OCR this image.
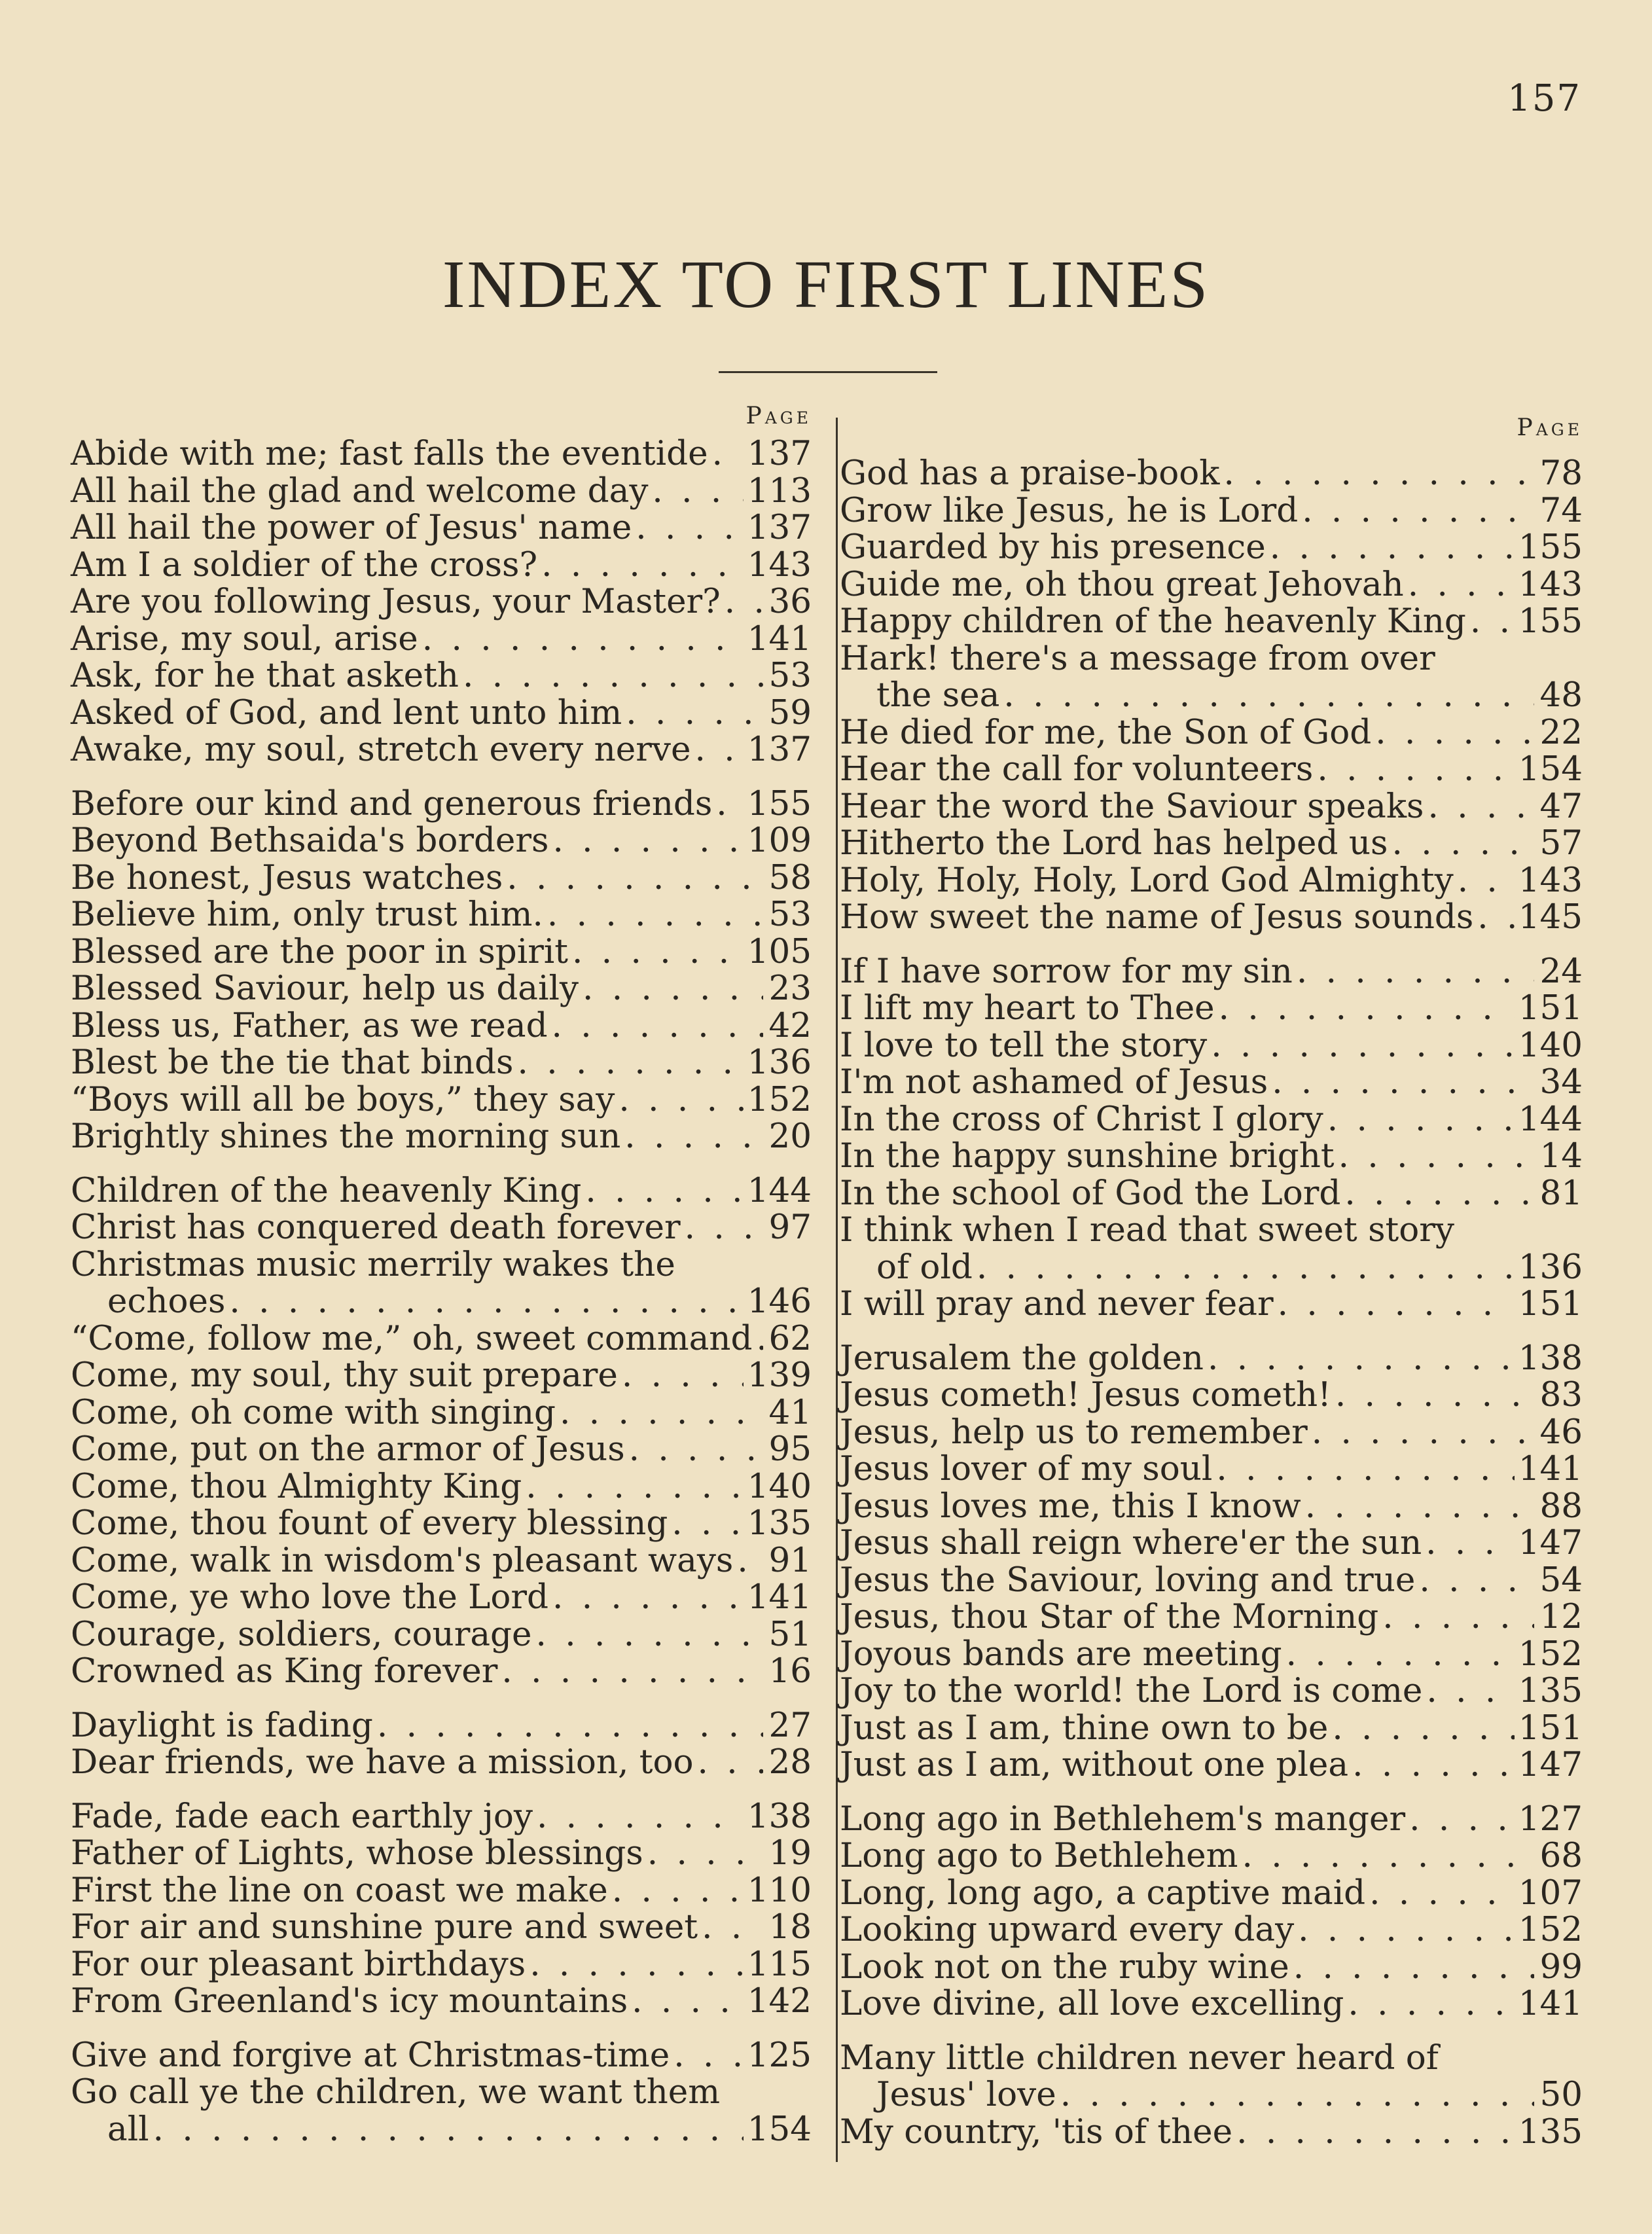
157
INDEX TO FIRST LINES
Page
Abide with me; fast falls the eventide . . . 137
All hail the glad and welcome day . . .	113
All hail the power of Jesus' name . . .	137
Am I a soldier of the cross? . . .	143
Are you following Jesus, your Master? . . . 36
Arise, my soul, arise . . .	141
Ask, for he that asketh . . .	53
Asked of God, and lent unto him . . .	59
Awake, my soul, stretch every nerve . . . 137
Before our kind and generous friends . . . 155
Beyond Bethsaida's borders . . .	109
Be honest, Jesus watches . . .	58
Believe him, only trust him. . . .	53
Blessed are the poor in spirit . . .	105
Blessed Saviour, help us daily . . .	23
Bless us, Father, as we read . . .	42
Blest be the tie that binds . . .	136
“Boys will all be boys,” they say . . .	152
Brightly shines the morning sun . . .	20
Children of the heavenly King . . .	144
Christ has conquered death forever . . .	97
Christmas music merrily wakes the
echoes . . .	146
“Come, follow me,” oh, sweet command . . . 62
Come, my soul, thy suit prepare . . .	139
Come, oh come with singing . . .	41
Come, put on the armor of Jesus . . .	95
Come, thou Almighty King . . .	140
Come, thou fount of every blessing . . . 135
Come, walk in wisdom's pleasant ways . . . 91
Come, ye who love the Lord . . .	141
Courage, soldiers, courage . . .	51
Crowned as King forever . . .	16
Daylight is fading . . .	27
Dear friends, we have a mission, too . . . 28
Fade, fade each earthly joy . . .	138
Father of Lights, whose blessings . . .	19
First the line on coast we make . . .	110
For air and sunshine pure and sweet . . . 18
For our pleasant birthdays . . .	115
From Greenland's icy mountains . . .	142
Give and forgive at Christmas-time . . . 125
Go call ye the children, we want them
all . . .	154
Page
God has a praise-book . . .	78
Grow like Jesus, he is Lord . . .	74
Guarded by his presence . . .	155
Guide me, oh thou great Jehovah . . .	143
Happy children of the heavenly King . . . 155
Hark! there's a message from over
the sea . . .	48
He died for me, the Son of God . . .	22
Hear the call for volunteers . . .	154
Hear the word the Saviour speaks . . .	47
Hitherto the Lord has helped us . . .	57
Holy, Holy, Holy, Lord God Almighty . . . 143
How sweet the name of Jesus sounds . . . 145
If I have sorrow for my sin . . .	24
I lift my heart to Thee . . .	151
I love to tell the story . . .	140
I'm not ashamed of Jesus . . .	34
In the cross of Christ I glory . . .	144
In the happy sunshine bright . . .	14
In the school of God the Lord . . .	81
I think when I read that sweet story
of old . . .	136
I will pray and never fear . . .	151
Jerusalem the golden . . .	138
Jesus cometh! Jesus cometh! . . .	83
Jesus, help us to remember . . .	46
Jesus lover of my soul . . .	141
Jesus loves me, this I know . . .	88
Jesus shall reign where'er the sun . . .	147
Jesus the Saviour, loving and true . . .	54
Jesus, thou Star of the Morning . . .	12
Joyous bands are meeting . . .	152
Joy to the world! the Lord is come . . .	135
Just as I am, thine own to be . . .	151
Just as I am, without one plea . . .	147
Long ago in Bethlehem's manger . . .	127
Long ago to Bethlehem . . .	68
Long, long ago, a captive maid . . .	107
Looking upward every day . . .	152
Look not on the ruby wine . . .	99
Love divine, all love excelling . . .	141
Many little children never heard of
Jesus' love . . .	50
My country, 'tis of thee . . .	135
